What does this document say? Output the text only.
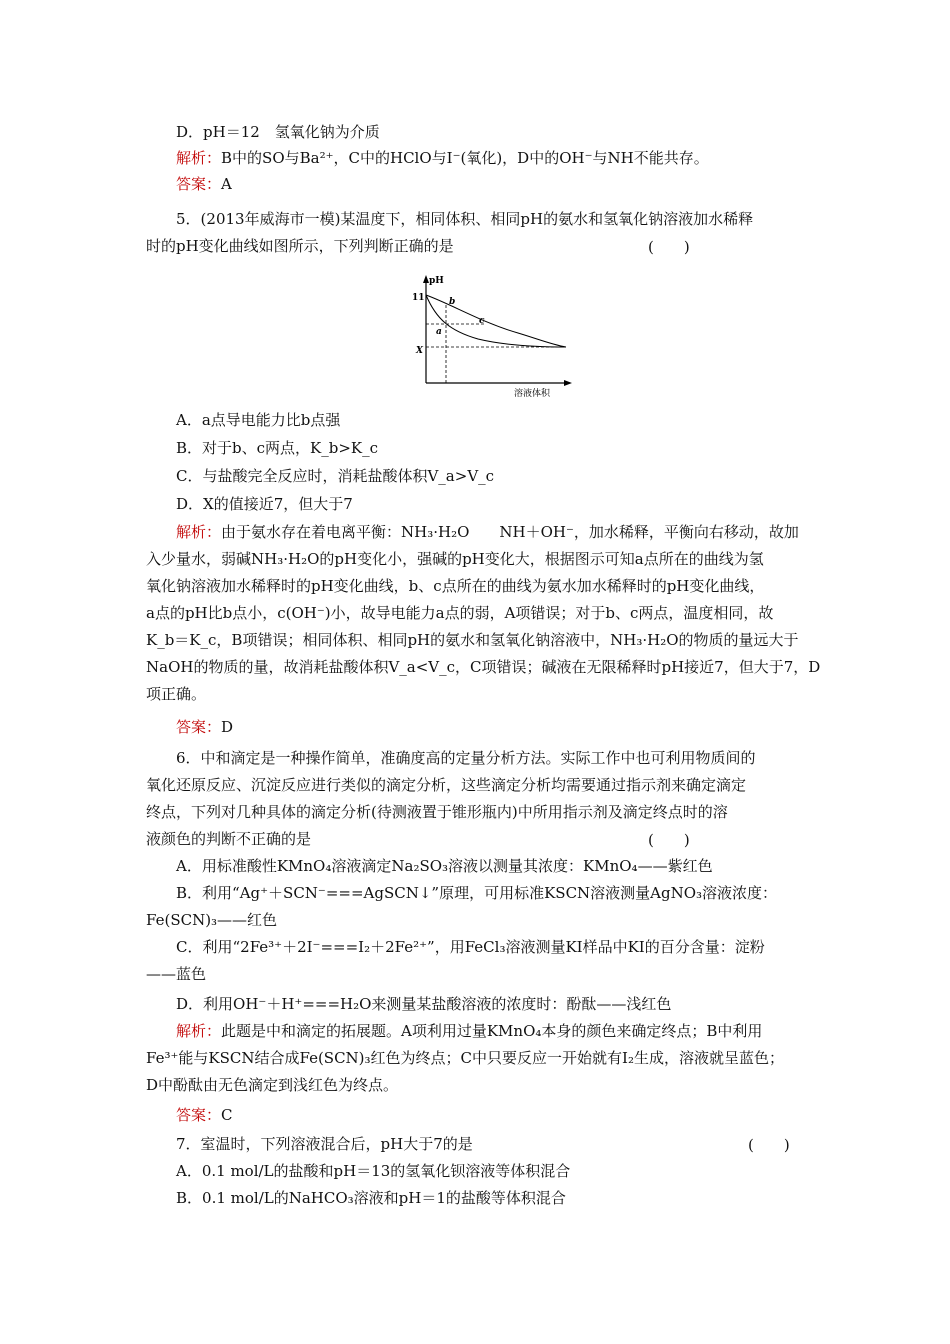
D．pH＝12　氢氧化钠为介质
解析：B中的SO与Ba²⁺，C中的HClO与I⁻(氧化)，D中的OH⁻与NH不能共存。
答案：A
5．(2013年威海市一模)某温度下，相同体积、相同pH的氨水和氢氧化钠溶液加水稀释
时的pH变化曲线如图所示，下列判断正确的是	(　　)
pH
11
X
溶液体积
b
a
c
A．a点导电能力比b点强
B．对于b、c两点，K_b>K_c
C．与盐酸完全反应时，消耗盐酸体积V_a>V_c
D．X的值接近7，但大于7
解析：由于氨水存在着电离平衡：NH₃·H₂O　　NH＋OH⁻，加水稀释，平衡向右移动，故加
入少量水，弱碱NH₃·H₂O的pH变化小，强碱的pH变化大，根据图示可知a点所在的曲线为氢
氧化钠溶液加水稀释时的pH变化曲线，b、c点所在的曲线为氨水加水稀释时的pH变化曲线，
a点的pH比b点小，c(OH⁻)小，故导电能力a点的弱，A项错误；对于b、c两点，温度相同，故
K_b＝K_c，B项错误；相同体积、相同pH的氨水和氢氧化钠溶液中，NH₃·H₂O的物质的量远大于
NaOH的物质的量，故消耗盐酸体积V_a<V_c，C项错误；碱液在无限稀释时pH接近7，但大于7，D
项正确。
答案：D
6．中和滴定是一种操作简单，准确度高的定量分析方法。实际工作中也可利用物质间的
氧化还原反应、沉淀反应进行类似的滴定分析，这些滴定分析均需要通过指示剂来确定滴定
终点，下列对几种具体的滴定分析(待测液置于锥形瓶内)中所用指示剂及滴定终点时的溶
液颜色的判断不正确的是	(　　)
A．用标准酸性KMnO₄溶液滴定Na₂SO₃溶液以测量其浓度：KMnO₄——紫红色
B．利用“Ag⁺＋SCN⁻===AgSCN↓”原理，可用标准KSCN溶液测量AgNO₃溶液浓度：
Fe(SCN)₃——红色
C．利用“2Fe³⁺＋2I⁻===I₂＋2Fe²⁺”，用FeCl₃溶液测量KI样品中KI的百分含量：淀粉
——蓝色
D．利用OH⁻＋H⁺===H₂O来测量某盐酸溶液的浓度时：酚酞——浅红色
解析：此题是中和滴定的拓展题。A项利用过量KMnO₄本身的颜色来确定终点；B中利用
Fe³⁺能与KSCN结合成Fe(SCN)₃红色为终点；C中只要反应一开始就有I₂生成，溶液就呈蓝色；
D中酚酞由无色滴定到浅红色为终点。
答案：C
7．室温时，下列溶液混合后，pH大于7的是	(　　)
A．0.1 mol/L的盐酸和pH＝13的氢氧化钡溶液等体积混合
B．0.1 mol/L的NaHCO₃溶液和pH＝1的盐酸等体积混合
